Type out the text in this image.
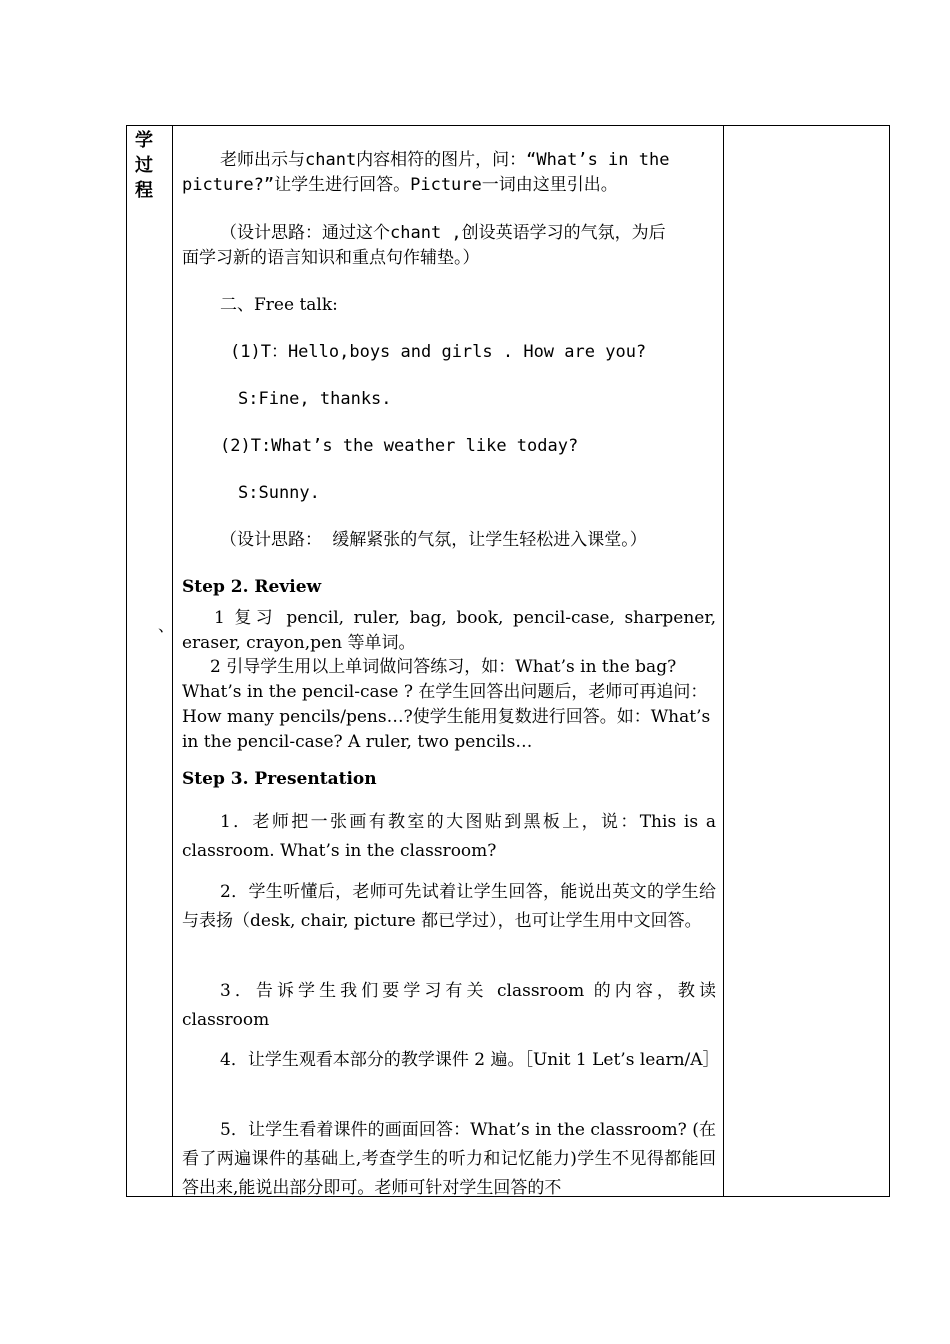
学
过
程
、

老师出示与chant内容相符的图片，问：“What’s in the

picture?”让学生进行回答。Picture一词由这里引出。

（设计思路：通过这个chant ,创设英语学习的气氛，为后

面学习新的语言知识和重点句作辅垫。）

二、Free talk:

(1)T：Hello,boys and girls . How are you?

S:Fine, thanks.

(2)T:What’s the weather like today?

S:Sunny.

（设计思路： 缓解紧张的气氛，让学生轻松进入课堂。）

Step 2. Review

1 复习 pencil, ruler, bag, book, pencil-case, sharpener, eraser, crayon,pen 等单词。

2 引导学生用以上单词做问答练习，如：What’s in the bag? What’s in the pencil-case ? 在学生回答出问题后，老师可再追问：How many pencils/pens…?使学生能用复数进行回答。如：What’s in the pencil-case? A ruler, two pencils…

Step 3. Presentation

1．老师把一张画有教室的大图贴到黑板上，说：This is a classroom. What’s in the classroom?

2．学生听懂后，老师可先试着让学生回答，能说出英文的学生给与表扬（desk, chair, picture 都已学过），也可让学生用中文回答。

3．告诉学生我们要学习有关 classroom 的内容，教读 classroom

4．让学生观看本部分的教学课件 2 遍。［Unit 1 Let’s learn/A］

5．让学生看着课件的画面回答：What’s in the classroom? (在看了两遍课件的基础上,考查学生的听力和记忆能力)学生不见得都能回答出来,能说出部分即可。老师可针对学生回答的不
